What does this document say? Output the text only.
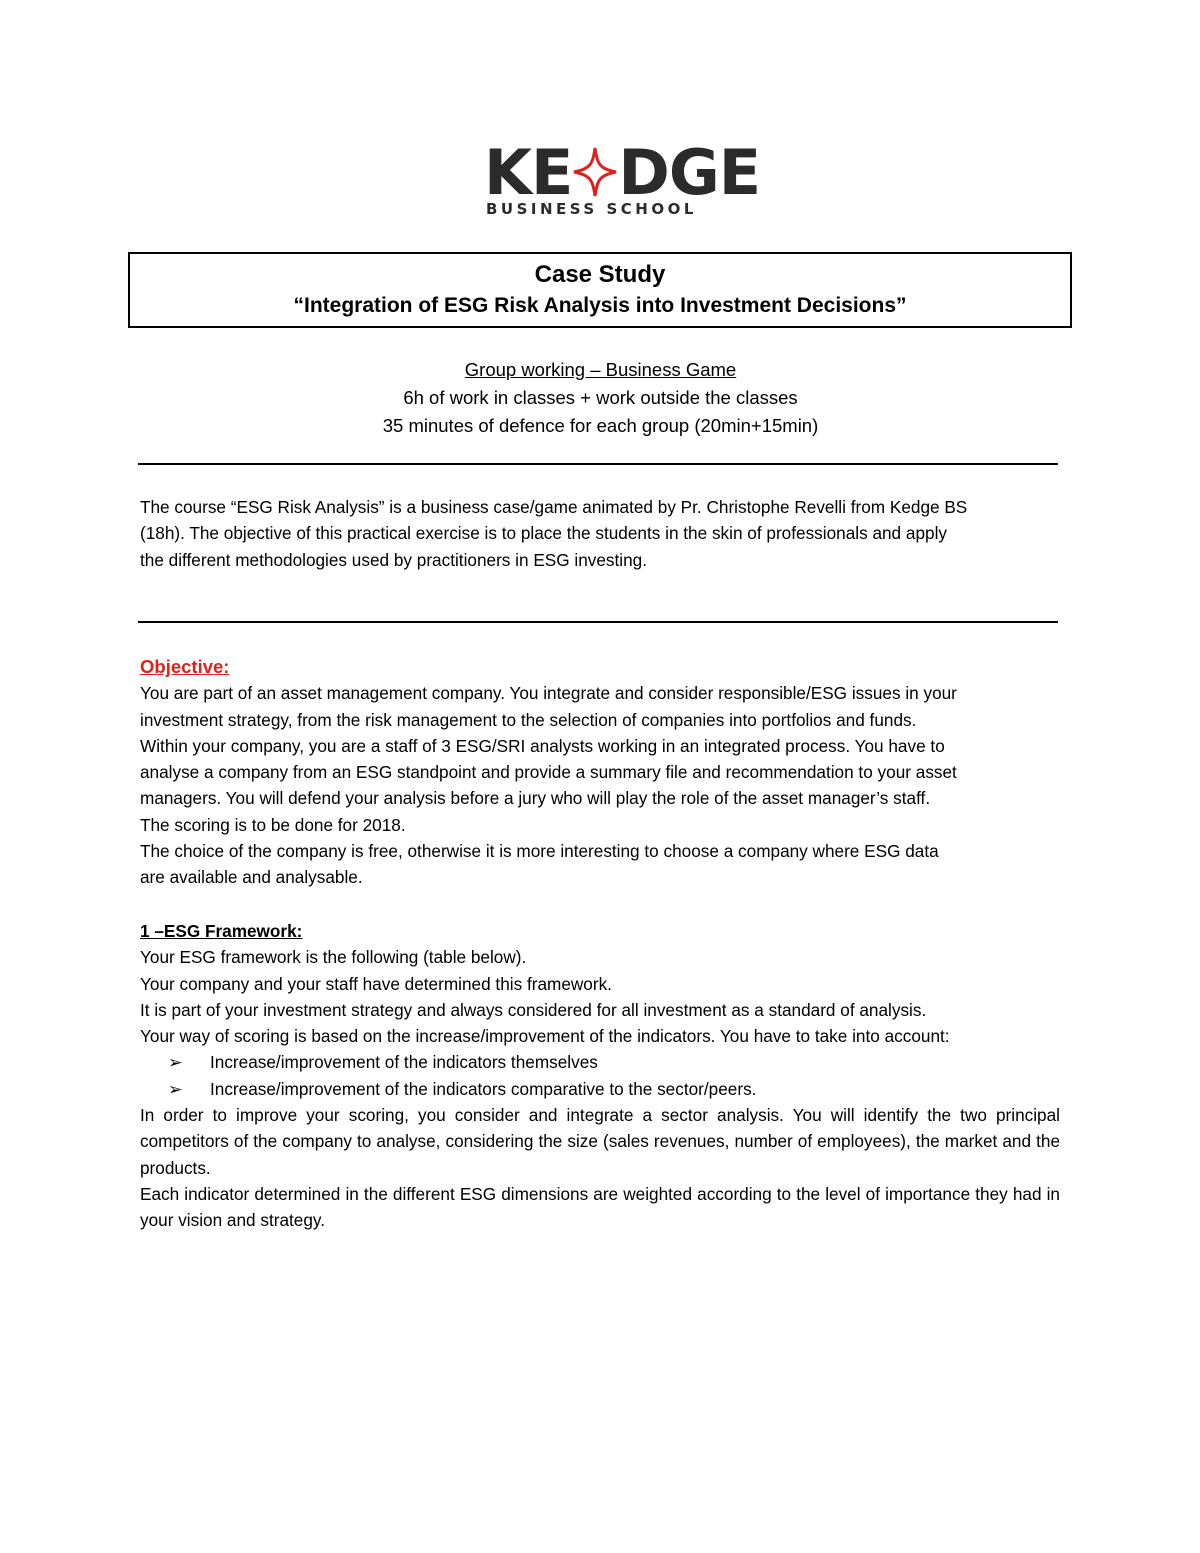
KE DGE
BUSINESS SCHOOL
Case Study
“Integration of ESG Risk Analysis into Investment Decisions”
Group working – Business Game
6h of work in classes + work outside the classes
35 minutes of defence for each group (20min+15min)
The course “ESG Risk Analysis” is a business case/game animated by Pr. Christophe Revelli from Kedge BS
(18h). The objective of this practical exercise is to place the students in the skin of professionals and apply
the different methodologies used by practitioners in ESG investing.
Objective:
You are part of an asset management company. You integrate and consider responsible/ESG issues in your
investment strategy, from the risk management to the selection of companies into portfolios and funds.
Within your company, you are a staff of 3 ESG/SRI analysts working in an integrated process. You have to
analyse a company from an ESG standpoint and provide a summary file and recommendation to your asset
managers. You will defend your analysis before a jury who will play the role of the asset manager’s staff.
The scoring is to be done for 2018.
The choice of the company is free, otherwise it is more interesting to choose a company where ESG data
are available and analysable.
1 –ESG Framework:
Your ESG framework is the following (table below).
Your company and your staff have determined this framework.
It is part of your investment strategy and always considered for all investment as a standard of analysis.
Your way of scoring is based on the increase/improvement of the indicators. You have to take into account:
➢ Increase/improvement of the indicators themselves
➢ Increase/improvement of the indicators comparative to the sector/peers.
In order to improve your scoring, you consider and integrate a sector analysis. You will identify the two principal competitors of the company to analyse, considering the size (sales revenues, number of employees), the market and the products.
Each indicator determined in the different ESG dimensions are weighted according to the level of importance they had in your vision and strategy.
